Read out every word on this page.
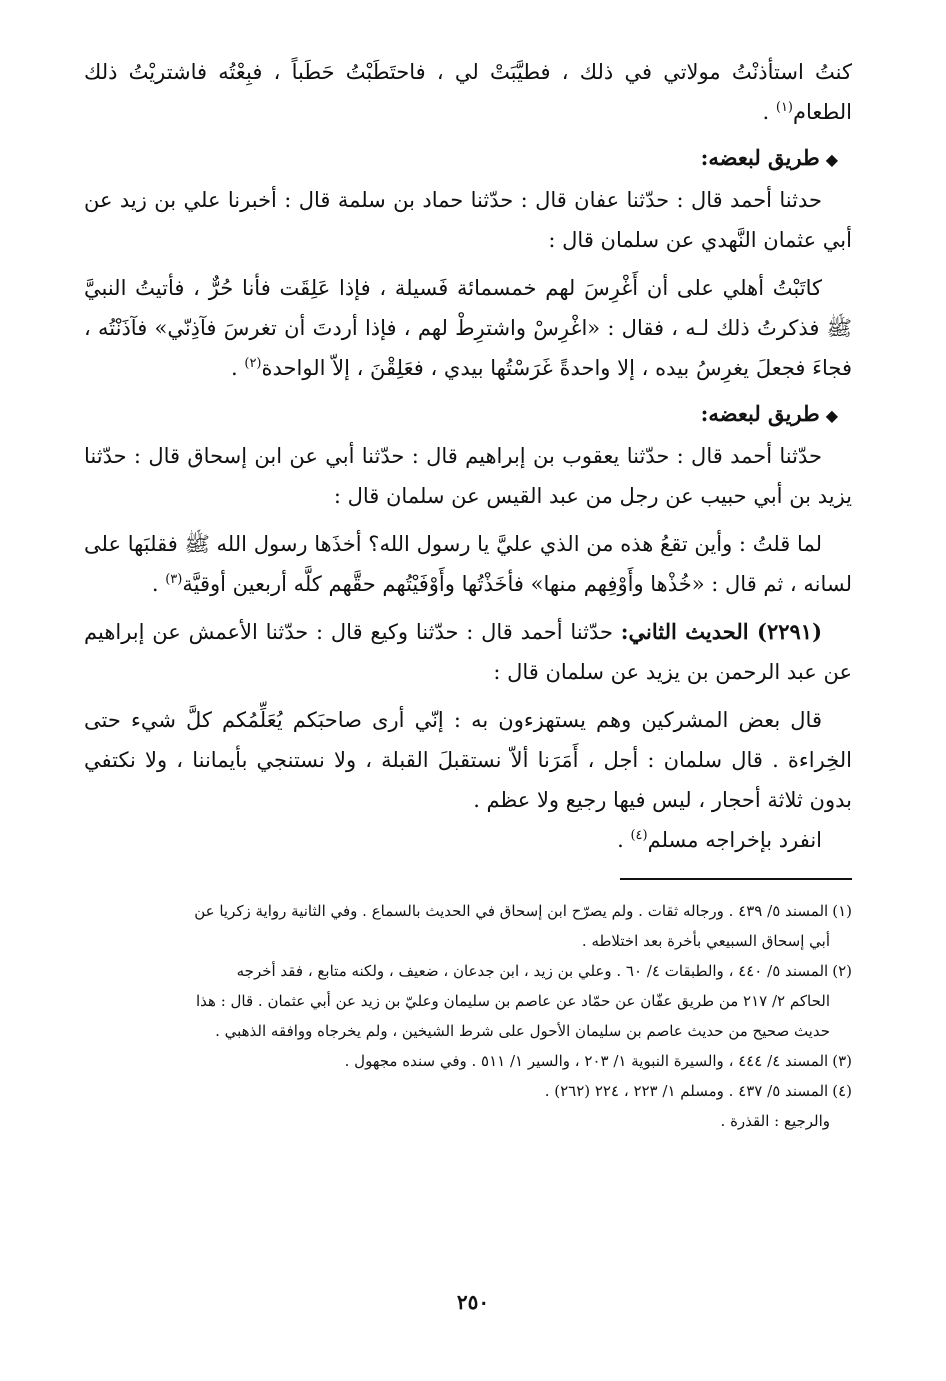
كنتُ استأذنْتُ مولاتي في ذلك ، فطيَّبَتْ لي ، فاحتَطَبْتُ حَطَباً ، فبِعْتُه فاشتريْتُ ذلك الطعام$^{(١)}$ .

◆طريق لبعضه:

حدثنا أحمد قال : حدّثنا عفان قال : حدّثنا حماد بن سلمة قال : أخبرنا علي بن زيد عن أبي عثمان النَّهدي عن سلمان قال :

كاتَبْتُ أهلي على أن أَغْرِسَ لهم خمسمائة فَسيلة ، فإذا عَلِقَت فأنا حُرٌّ ، فأتيتُ النبيَّ ﷺ فذكرتُ ذلك لـه ، فقال : «اغْرِسْ واشترِطْ لهم ، فإذا أردتَ أن تغرسَ فآذِنّي» فآذَنْتُه ، فجاءَ فجعلَ يغرِسُ بيده ، إلا واحدةً غَرَسْتُها بيدي ، فعَلِقْنَ ، إلاّ الواحدة$^{(٢)}$ .

◆طريق لبعضه:

حدّثنا أحمد قال : حدّثنا يعقوب بن إبراهيم قال : حدّثنا أبي عن ابن إسحاق قال : حدّثنا يزيد بن أبي حبيب عن رجل من عبد القيس عن سلمان قال :

لما قلتُ : وأين تقعُ هذه من الذي عليَّ يا رسول الله؟ أخذَها رسول الله ﷺ فقلبَها على لسانه ، ثم قال : «خُذْها وأَوْفِهم منها» فأخَذْتُها وأَوْفَيْتُهم حقَّهم كلَّه أربعين أوقيَّة$^{(٣)}$ .

(٢٢٩١) الحديث الثاني: حدّثنا أحمد قال : حدّثنا وكيع قال : حدّثنا الأعمش عن إبراهيم عن عبد الرحمن بن يزيد عن سلمان قال :

قال بعض المشركين وهم يستهزءون به : إنّي أرى صاحبَكم يُعَلِّمُكم كلَّ شيء حتى الخِراءة . قال سلمان : أجل ، أَمَرَنا ألاّ نستقبلَ القبلة ، ولا نستنجي بأيماننا ، ولا نكتفي بدون ثلاثة أحجار ، ليس فيها رجيع ولا عظم .

انفرد بإخراجه مسلم$^{(٤)}$ .

(١)المسند ٥/ ٤٣٩ . ورجاله ثقات . ولم يصرّح ابن إسحاق في الحديث بالسماع . وفي الثانية رواية زكريا عن

أبي إسحاق السبيعي بأخرة بعد اختلاطه .

(٢)المسند ٥/ ٤٤٠ ، والطبقات ٤/ ٦٠ . وعلي بن زيد ، ابن جدعان ، ضعيف ، ولكنه متابع ، فقد أخرجه

الحاكم ٢/ ٢١٧ من طريق عفّان عن حمّاد عن عاصم بن سليمان وعليّ بن زيد عن أبي عثمان . قال : هذا

حديث صحيح من حديث عاصم بن سليمان الأحول على شرط الشيخين ، ولم يخرجاه ووافقه الذهبي .

(٣)المسند ٤/ ٤٤٤ ، والسيرة النبوية ١/ ٢٠٣ ، والسير ١/ ٥١١ . وفي سنده مجهول .

(٤)المسند ٥/ ٤٣٧ . ومسلم ١/ ٢٢٣ ، ٢٢٤ (٢٦٢) .

والرجيع : القذرة .

٢٥٠
